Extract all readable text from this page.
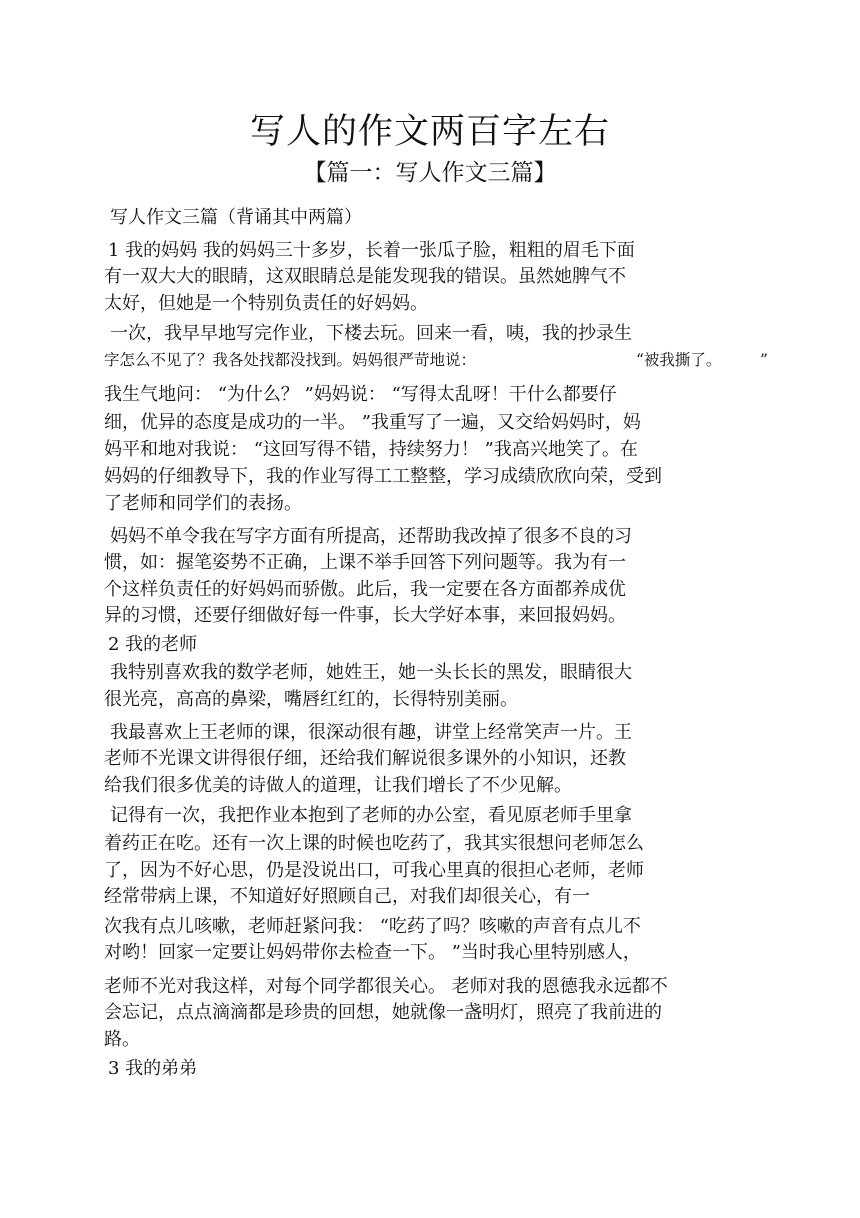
写人的作文两百字左右
【篇一：写人作文三篇】
写人作文三篇（背诵其中两篇）
1 我的妈妈 我的妈妈三十多岁，长着一张瓜子脸，粗粗的眉毛下面
有一双大大的眼睛，这双眼睛总是能发现我的错误。虽然她脾气不
太好，但她是一个特别负责任的好妈妈。
一次，我早早地写完作业，下楼去玩。回来一看，咦，我的抄录生
字怎么不见了？我各处找都没找到。妈妈很严苛地说：	“被我撕了。 ”
我生气地问： “为什么？ ”妈妈说： “写得太乱呀！干什么都要仔
细，优异的态度是成功的一半。 ”我重写了一遍，又交给妈妈时，妈
妈平和地对我说： “这回写得不错，持续努力！ ”我高兴地笑了。在
妈妈的仔细教导下，我的作业写得工工整整，学习成绩欣欣向荣，受到
了老师和同学们的表扬。
妈妈不单令我在写字方面有所提高，还帮助我改掉了很多不良的习
惯，如：握笔姿势不正确，上课不举手回答下列问题等。我为有一
个这样负责任的好妈妈而骄傲。此后，我一定要在各方面都养成优
异的习惯，还要仔细做好每一件事，长大学好本事，来回报妈妈。
2 我的老师
我特别喜欢我的数学老师，她姓王，她一头长长的黑发，眼睛很大
很光亮，高高的鼻梁，嘴唇红红的，长得特别美丽。
我最喜欢上王老师的课，很深动很有趣，讲堂上经常笑声一片。王
老师不光课文讲得很仔细，还给我们解说很多课外的小知识，还教
给我们很多优美的诗做人的道理，让我们增长了不少见解。
记得有一次，我把作业本抱到了老师的办公室，看见原老师手里拿
着药正在吃。还有一次上课的时候也吃药了，我其实很想问老师怎么
了，因为不好心思，仍是没说出口，可我心里真的很担心老师，老师
经常带病上课，不知道好好照顾自己，对我们却很关心，有一
次我有点儿咳嗽，老师赶紧问我： “吃药了吗？咳嗽的声音有点儿不
对哟！回家一定要让妈妈带你去检查一下。 ”当时我心里特别感人，
老师不光对我这样，对每个同学都很关心。 老师对我的恩德我永远都不
会忘记，点点滴滴都是珍贵的回想，她就像一盏明灯，照亮了我前进的
路。
3 我的弟弟
